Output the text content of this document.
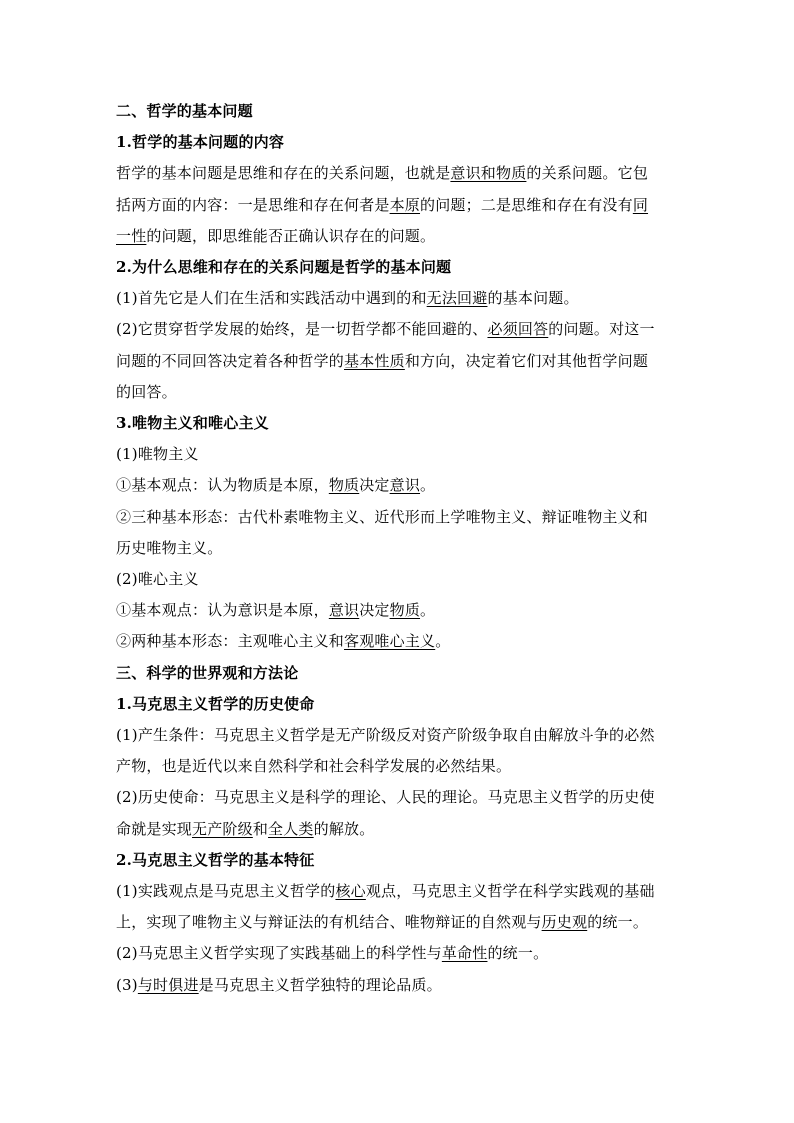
二、哲学的基本问题
1.哲学的基本问题的内容
哲学的基本问题是思维和存在的关系问题，也就是意识和物质的关系问题。它包
括两方面的内容：一是思维和存在何者是本原的问题；二是思维和存在有没有同
一性的问题，即思维能否正确认识存在的问题。
2.为什么思维和存在的关系问题是哲学的基本问题
(1)首先它是人们在生活和实践活动中遇到的和无法回避的基本问题。
(2)它贯穿哲学发展的始终，是一切哲学都不能回避的、必须回答的问题。对这一
问题的不同回答决定着各种哲学的基本性质和方向，决定着它们对其他哲学问题
的回答。
3.唯物主义和唯心主义
(1)唯物主义
①基本观点：认为物质是本原，物质决定意识。
②三种基本形态：古代朴素唯物主义、近代形而上学唯物主义、辩证唯物主义和
历史唯物主义。
(2)唯心主义
①基本观点：认为意识是本原，意识决定物质。
②两种基本形态：主观唯心主义和客观唯心主义。
三、科学的世界观和方法论
1.马克思主义哲学的历史使命
(1)产生条件：马克思主义哲学是无产阶级反对资产阶级争取自由解放斗争的必然
产物，也是近代以来自然科学和社会科学发展的必然结果。
(2)历史使命：马克思主义是科学的理论、人民的理论。马克思主义哲学的历史使
命就是实现无产阶级和全人类的解放。
2.马克思主义哲学的基本特征
(1)实践观点是马克思主义哲学的核心观点，马克思主义哲学在科学实践观的基础
上，实现了唯物主义与辩证法的有机结合、唯物辩证的自然观与历史观的统一。
(2)马克思主义哲学实现了实践基础上的科学性与革命性的统一。
(3)与时俱进是马克思主义哲学独特的理论品质。
